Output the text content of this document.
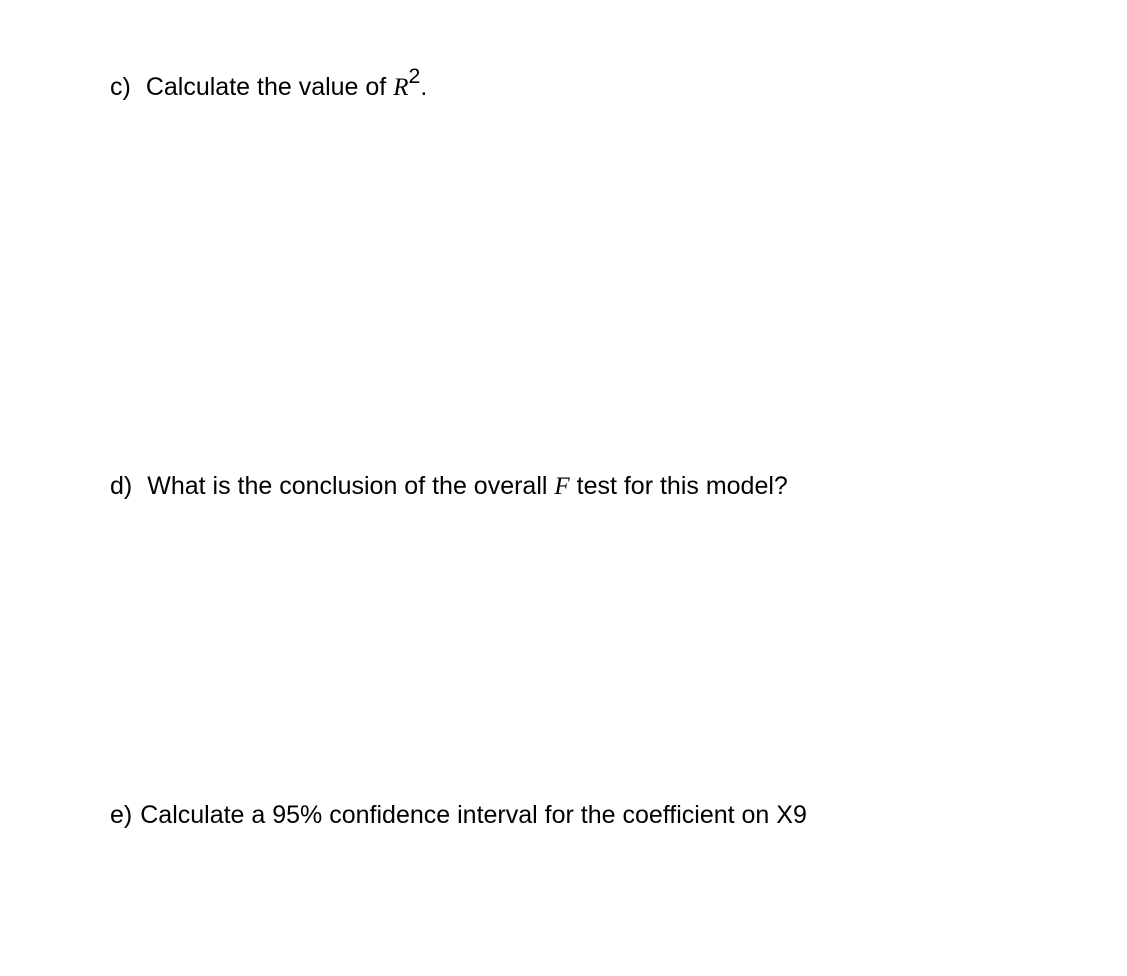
c) Calculate the value of $R^2$.
d) What is the conclusion of the overall F test for this model?
e) Calculate a 95% confidence interval for the coefficient on X9
